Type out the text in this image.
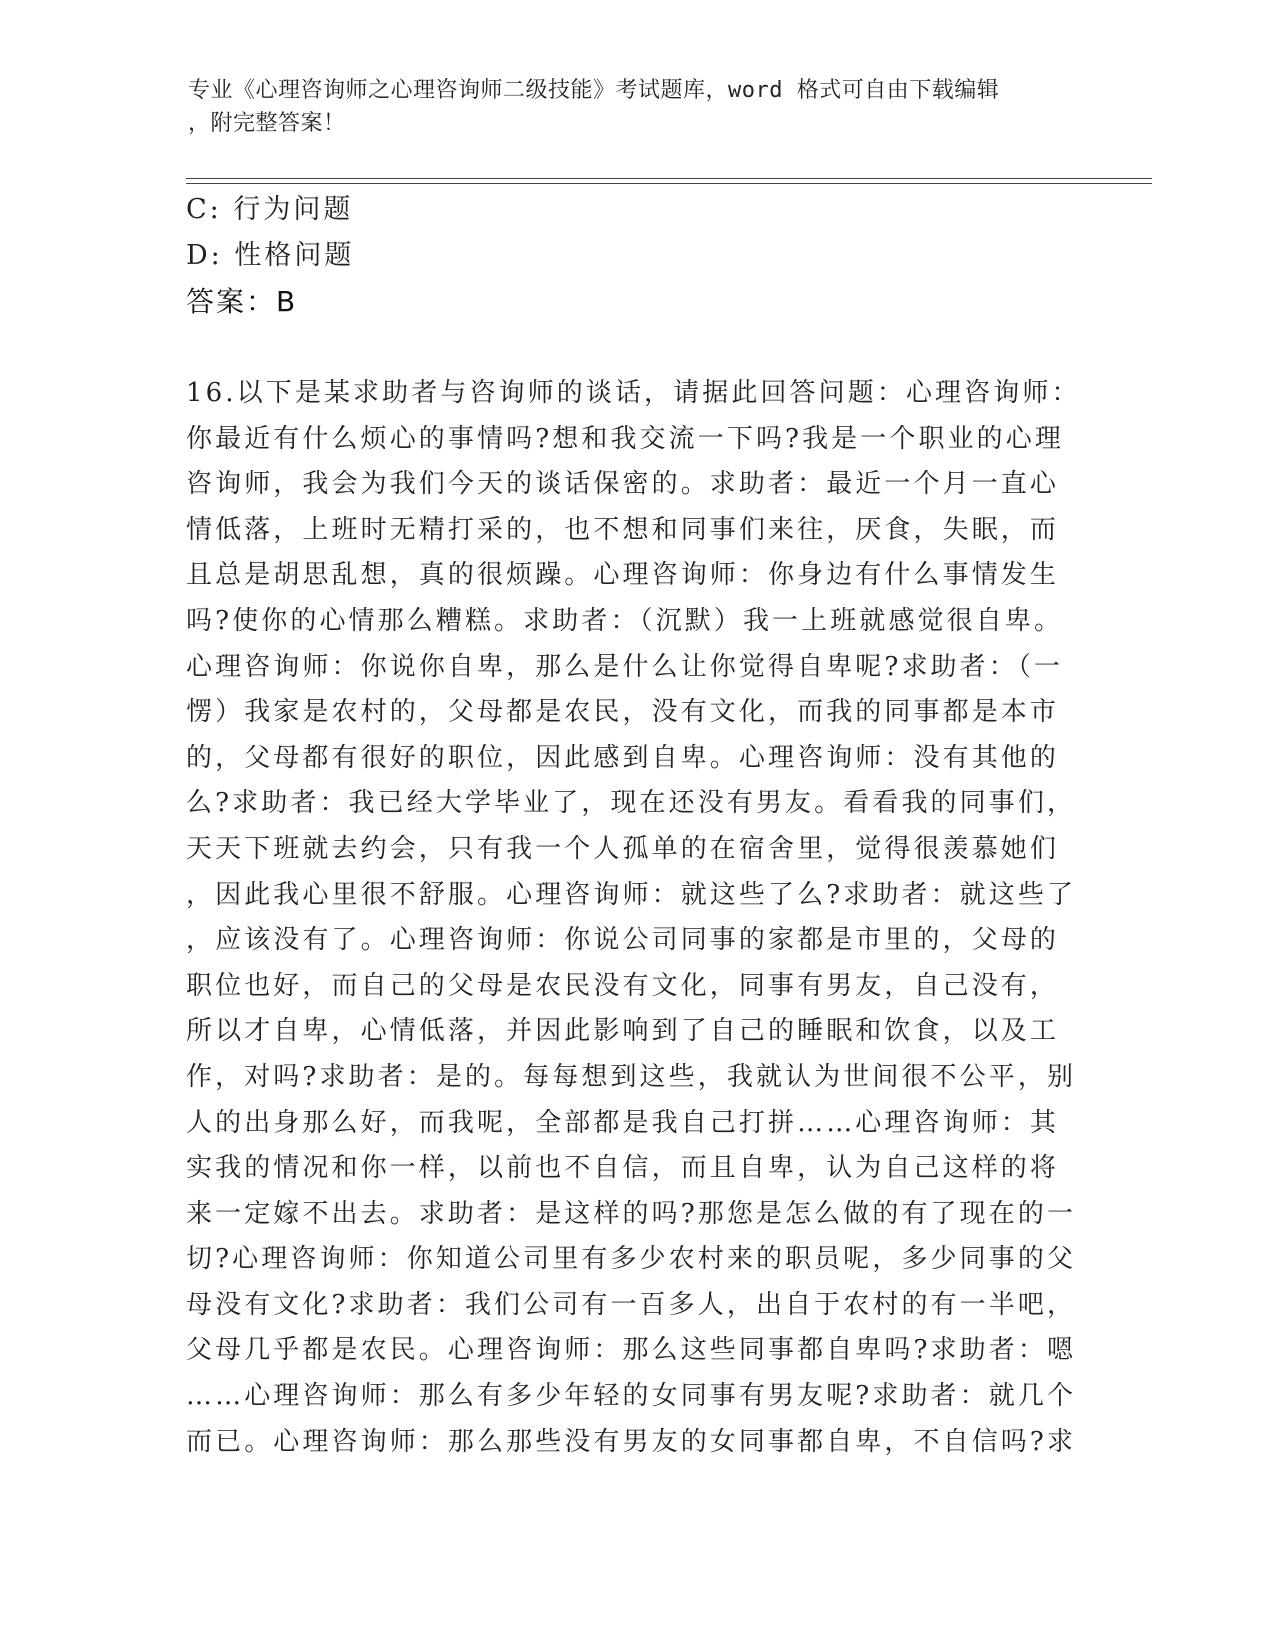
专业《心理咨询师之心理咨询师二级技能》考试题库，word 格式可自由下载编辑
，附完整答案！
C: 行为问题
D: 性格问题
答案：B
16.以下是某求助者与咨询师的谈话，请据此回答问题：心理咨询师：
你最近有什么烦心的事情吗?想和我交流一下吗?我是一个职业的心理
咨询师，我会为我们今天的谈话保密的。求助者：最近一个月一直心
情低落，上班时无精打采的，也不想和同事们来往，厌食，失眠，而
且总是胡思乱想，真的很烦躁。心理咨询师：你身边有什么事情发生
吗?使你的心情那么糟糕。求助者：（沉默）我一上班就感觉很自卑。
心理咨询师：你说你自卑，那么是什么让你觉得自卑呢?求助者：（一
愣）我家是农村的，父母都是农民，没有文化，而我的同事都是本市
的，父母都有很好的职位，因此感到自卑。心理咨询师：没有其他的
么?求助者：我已经大学毕业了，现在还没有男友。看看我的同事们，
天天下班就去约会，只有我一个人孤单的在宿舍里，觉得很羡慕她们
，因此我心里很不舒服。心理咨询师：就这些了么?求助者：就这些了
，应该没有了。心理咨询师：你说公司同事的家都是市里的，父母的
职位也好，而自己的父母是农民没有文化，同事有男友，自己没有，
所以才自卑，心情低落，并因此影响到了自己的睡眠和饮食，以及工
作，对吗?求助者：是的。每每想到这些，我就认为世间很不公平，别
人的出身那么好，而我呢，全部都是我自己打拼……心理咨询师：其
实我的情况和你一样，以前也不自信，而且自卑，认为自己这样的将
来一定嫁不出去。求助者：是这样的吗?那您是怎么做的有了现在的一
切?心理咨询师：你知道公司里有多少农村来的职员呢，多少同事的父
母没有文化?求助者：我们公司有一百多人，出自于农村的有一半吧，
父母几乎都是农民。心理咨询师：那么这些同事都自卑吗?求助者：嗯
……心理咨询师：那么有多少年轻的女同事有男友呢?求助者：就几个
而已。心理咨询师：那么那些没有男友的女同事都自卑，不自信吗?求
